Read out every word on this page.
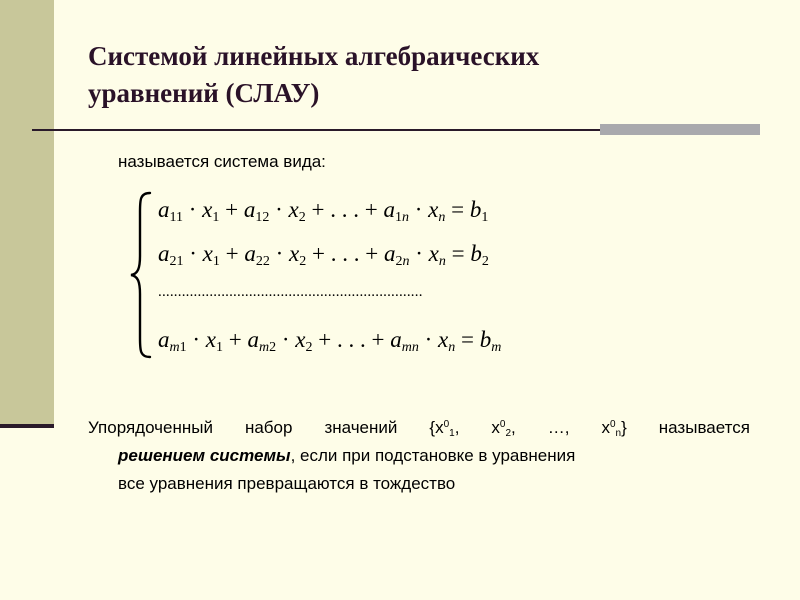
Системой линейных алгебраических
уравнений (СЛАУ)
называется система вида:
$a_{11} \cdot x_1 + a_{12} \cdot x_2$ + . . . + $a_{1n} \cdot x_n = b_1$
$a_{21} \cdot x_1 + a_{22} \cdot x_2$ + . . . + $a_{2n} \cdot x_n = b_2$
...................................................................
$a_{m1} \cdot x_1 + a_{m2} \cdot x_2$ + . . . + $a_{mn} \cdot x_n = b_m$
Упорядоченный набор значений {$x^0_1$, $x^0_2$, …, $x^0_n$} называется
решением системы, если при подстановке в уравнения
все уравнения превращаются в тождество
